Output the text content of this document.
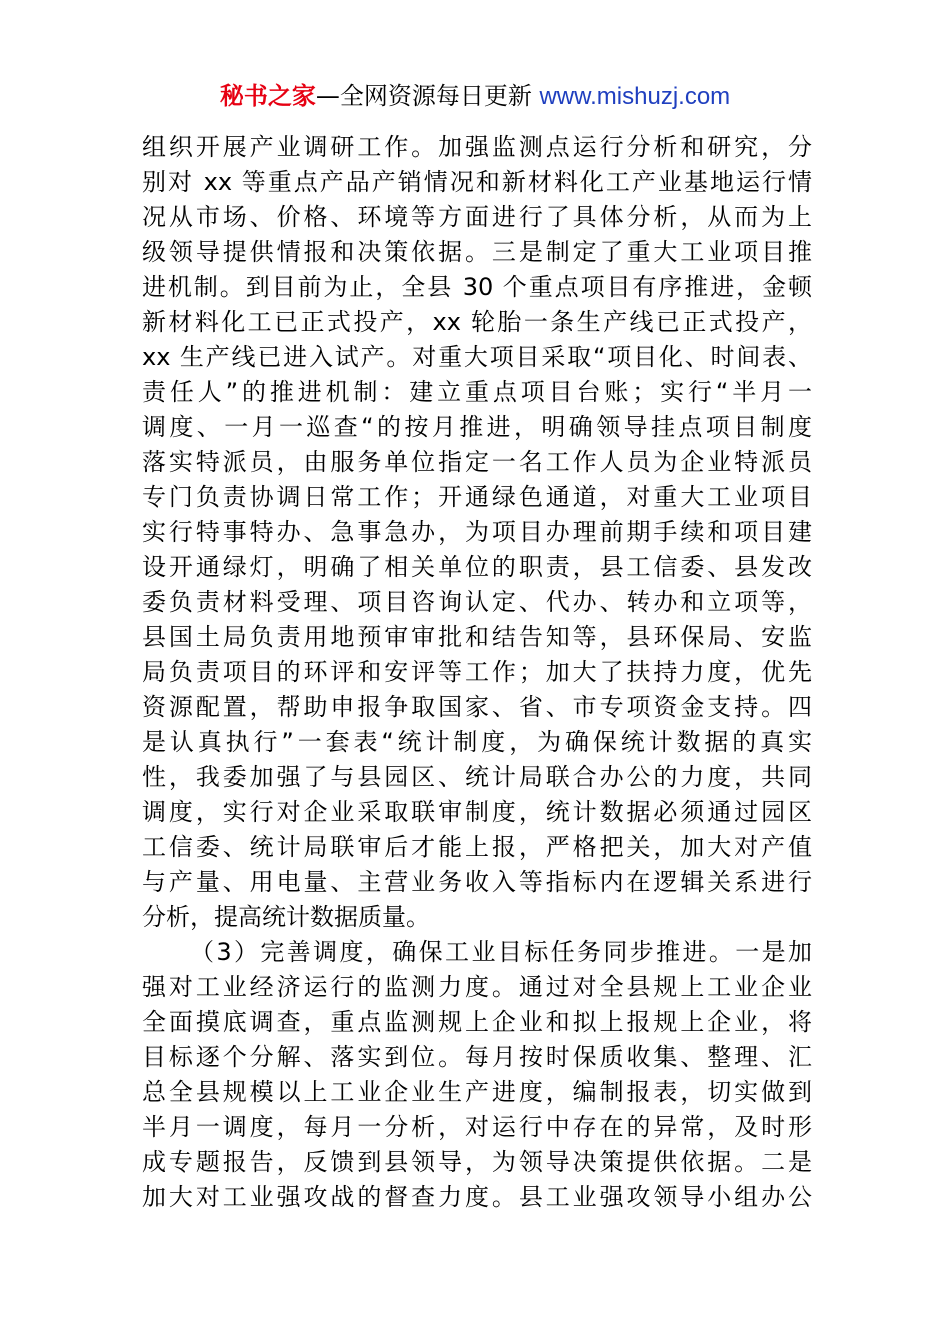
秘书之家—全网资源每日更新 www.mishuzj.com
组织开展产业调研工作。加强监测点运行分析和研究，分
别对 xx 等重点产品产销情况和新材料化工产业基地运行情
况从市场、价格、环境等方面进行了具体分析，从而为上
级领导提供情报和决策依据。三是制定了重大工业项目推
进机制。到目前为止，全县 30 个重点项目有序推进，金顿
新材料化工已正式投产，xx 轮胎一条生产线已正式投产，
xx 生产线已进入试产。对重大项目采取“项目化、时间表、
责任人”的推进机制：建立重点项目台账；实行“半月一
调度、一月一巡查“的按月推进，明确领导挂点项目制度
落实特派员，由服务单位指定一名工作人员为企业特派员
专门负责协调日常工作；开通绿色通道，对重大工业项目
实行特事特办、急事急办，为项目办理前期手续和项目建
设开通绿灯，明确了相关单位的职责，县工信委、县发改
委负责材料受理、项目咨询认定、代办、转办和立项等，
县国土局负责用地预审审批和结告知等，县环保局、安监
局负责项目的环评和安评等工作；加大了扶持力度，优先
资源配置，帮助申报争取国家、省、市专项资金支持。四
是认真执行”一套表“统计制度，为确保统计数据的真实
性，我委加强了与县园区、统计局联合办公的力度，共同
调度，实行对企业采取联审制度，统计数据必须通过园区
工信委、统计局联审后才能上报，严格把关，加大对产值
与产量、用电量、主营业务收入等指标内在逻辑关系进行
分析，提高统计数据质量。
（3）完善调度，确保工业目标任务同步推进。一是加
强对工业经济运行的监测力度。通过对全县规上工业企业
全面摸底调查，重点监测规上企业和拟上报规上企业，将
目标逐个分解、落实到位。每月按时保质收集、整理、汇
总全县规模以上工业企业生产进度，编制报表，切实做到
半月一调度，每月一分析，对运行中存在的异常，及时形
成专题报告，反馈到县领导，为领导决策提供依据。二是
加大对工业强攻战的督查力度。县工业强攻领导小组办公
